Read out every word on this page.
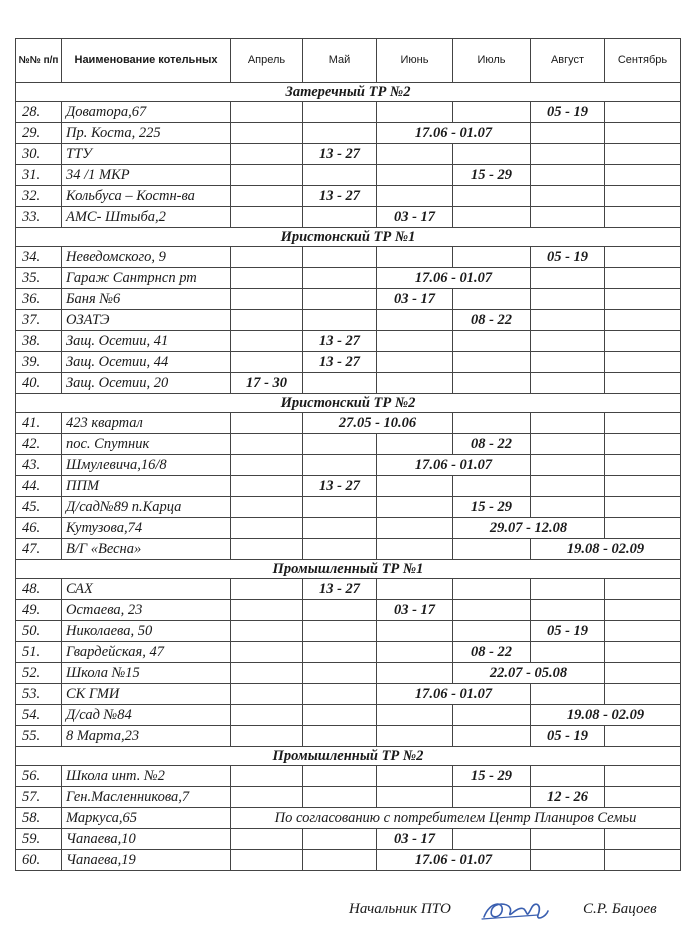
№№ п/п	Наименование котельных	Апрель	Май	Июнь	Июль	Август	Сентябрь
Затеречный ТР №2							
28.	Доватора,67					05 - 19	
29.	Пр. Коста, 225			17.06 - 01.07			
30.	ТТУ		13 - 27				
31.	34 /1 МКР				15 - 29		
32.	Кольбуса – Костн-ва		13 - 27				
33.	АМС- Штыба,2			03 - 17			
Иристонский ТР №1							
34.	Неведомского, 9					05 - 19	
35.	Гараж Сантрнсп рт			17.06 - 01.07			
36.	Баня №6			03 - 17			
37.	ОЗАТЭ				08 - 22		
38.	Защ. Осетии, 41		13 - 27				
39.	Защ. Осетии, 44		13 - 27				
40.	Защ. Осетии, 20	17 - 30					
Иристонский ТР №2							
41.	423 квартал		27.05 - 10.06				
42.	пос. Спутник				08 - 22		
43.	Шмулевича,16/8			17.06 - 01.07			
44.	ППМ		13 - 27				
45.	Д/сад№89 п.Карца				15 - 29		
46.	Кутузова,74				29.07 - 12.08		
47.	В/Г «Весна»					19.08 - 02.09	
Промышленный ТР №1							
48.	САХ		13 - 27				
49.	Остаева, 23			03 - 17			
50.	Николаева, 50					05 - 19	
51.	Гвардейская, 47				08 - 22		
52.	Школа №15				22.07 - 05.08		
53.	СК ГМИ			17.06 - 01.07			
54.	Д/сад №84					19.08 - 02.09	
55.	8 Марта,23					05 - 19	
Промышленный ТР №2							
56.	Школа инт. №2				15 - 29		
57.	Ген.Масленникова,7					12 - 26	
58.	Маркуса,65	По согласованию с потребителем Центр Планиров Семьи					
59.	Чапаева,10			03 - 17			
60.	Чапаева,19			17.06 - 01.07			
Начальник ПТО	С.Р. Бацоев
